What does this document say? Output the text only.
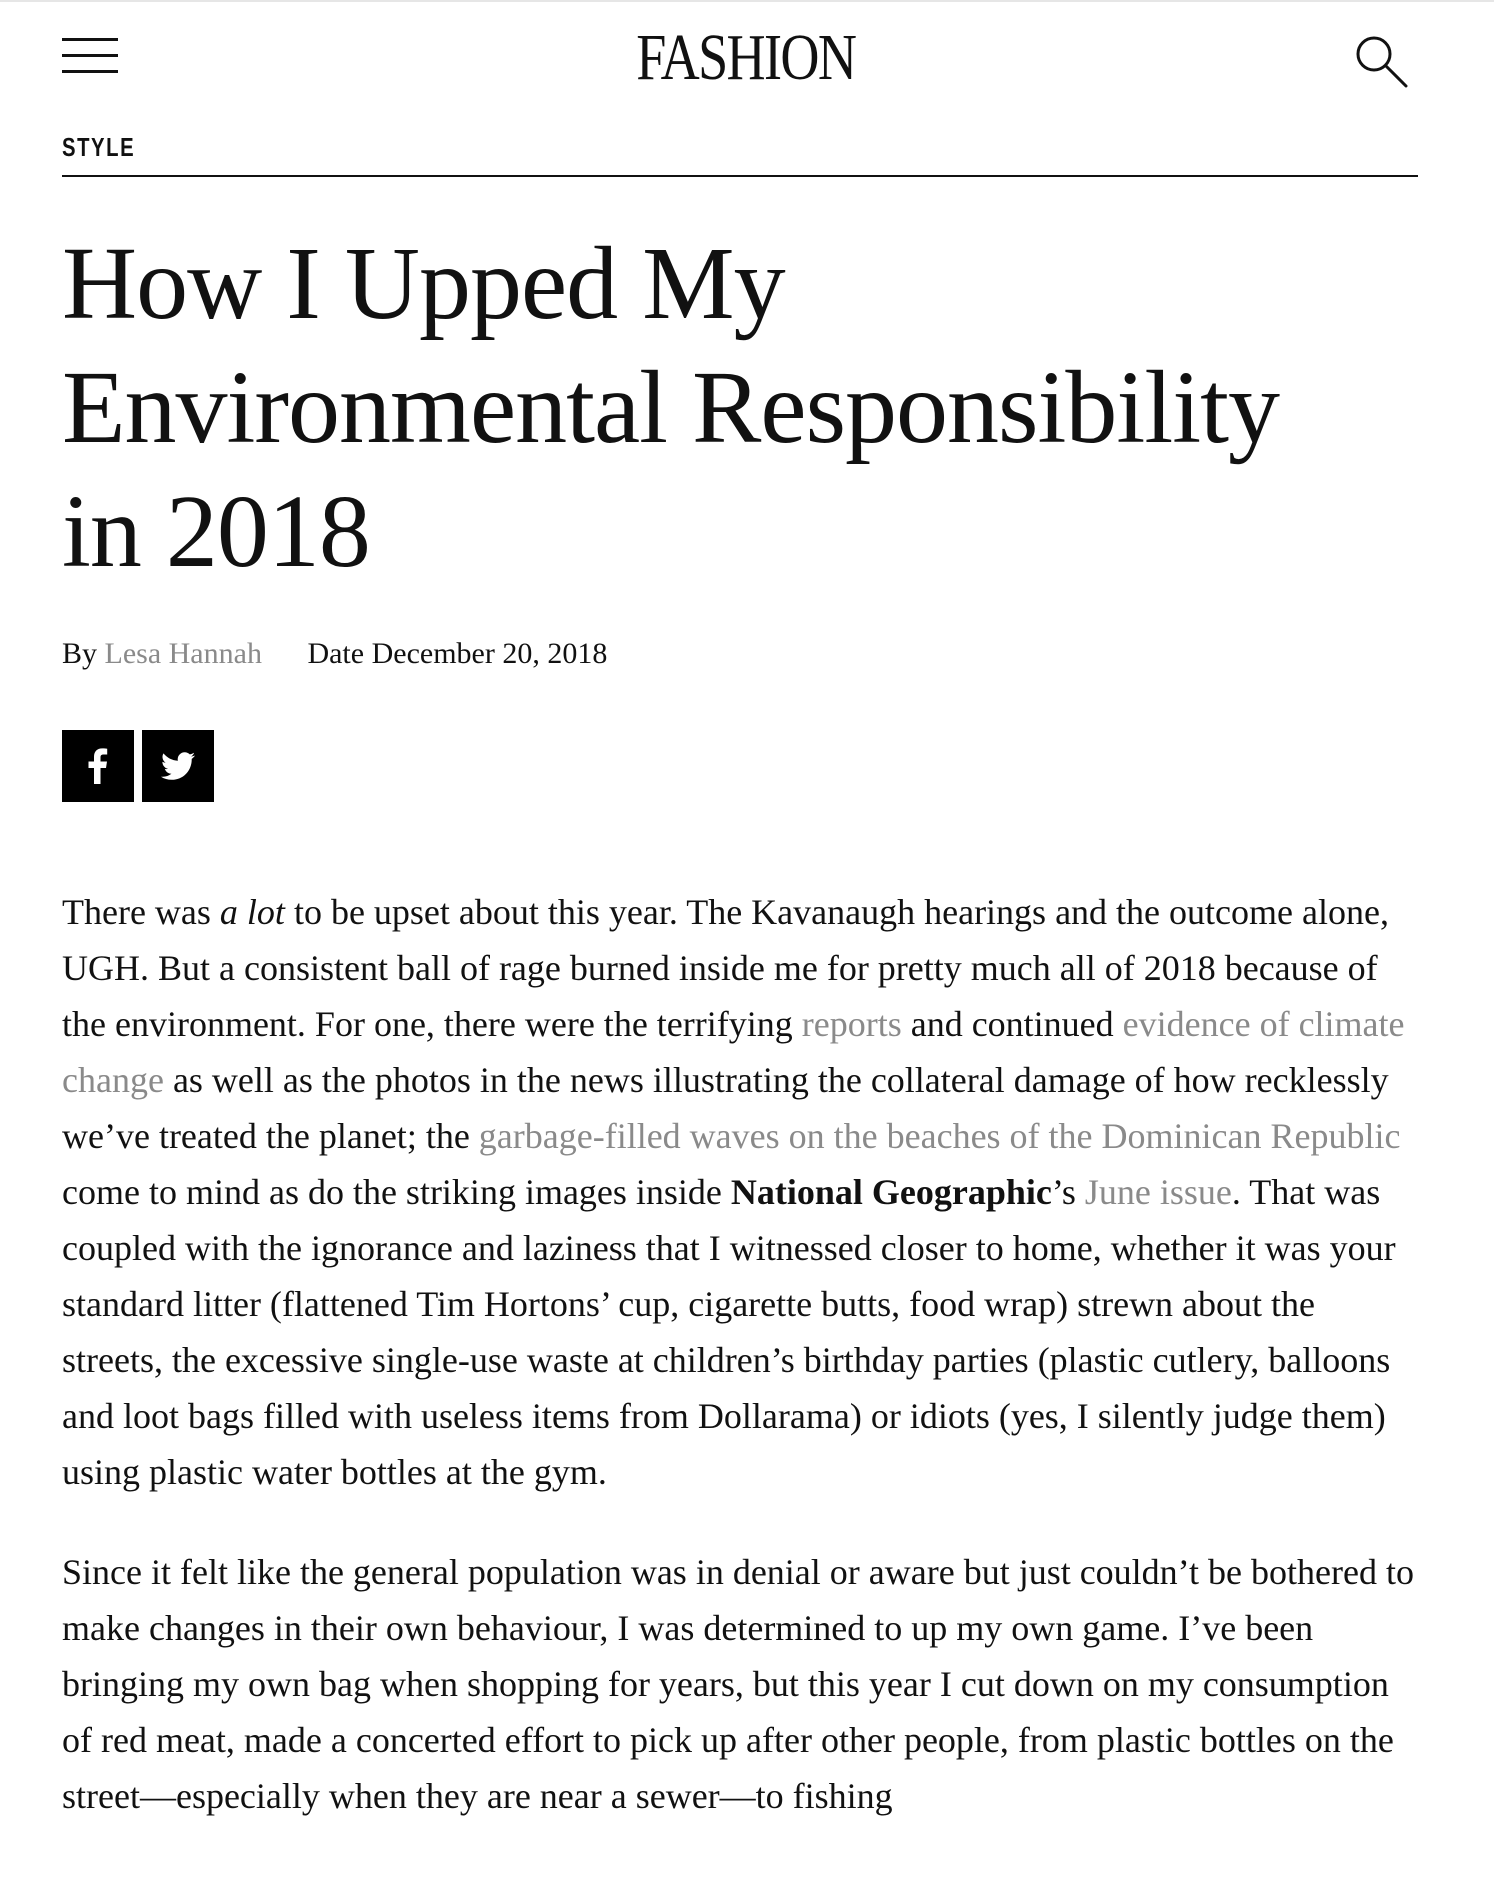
FASHION
STYLE
How I Upped My Environmental Responsibility in 2018
By Lesa Hannah Date December 20, 2018

There was a lot to be upset about this year. The Kavanaugh hearings and the outcome alone, UGH. But a consistent ball of rage burned inside me for pretty much all of 2018 because of the environment. For one, there were the terrifying reports and continued evidence of climate change as well as the photos in the news illustrating the collateral damage of how recklessly we’ve treated the planet; the garbage-filled waves on the beaches of the Dominican Republic come to mind as do the striking images inside National Geographic’s June issue. That was coupled with the ignorance and laziness that I witnessed closer to home, whether it was your standard litter (flattened Tim Hortons’ cup, cigarette butts, food wrap) strewn about the streets, the excessive single-use waste at children’s birthday parties (plastic cutlery, balloons and loot bags filled with useless items from Dollarama) or idiots (yes, I silently judge them) using plastic water bottles at the gym.

Since it felt like the general population was in denial or aware but just couldn’t be bothered to make changes in their own behaviour, I was determined to up my own game. I’ve been bringing my own bag when shopping for years, but this year I cut down on my consumption of red meat, made a concerted effort to pick up after other people, from plastic bottles on the street—especially when they are near a sewer—to fishing
